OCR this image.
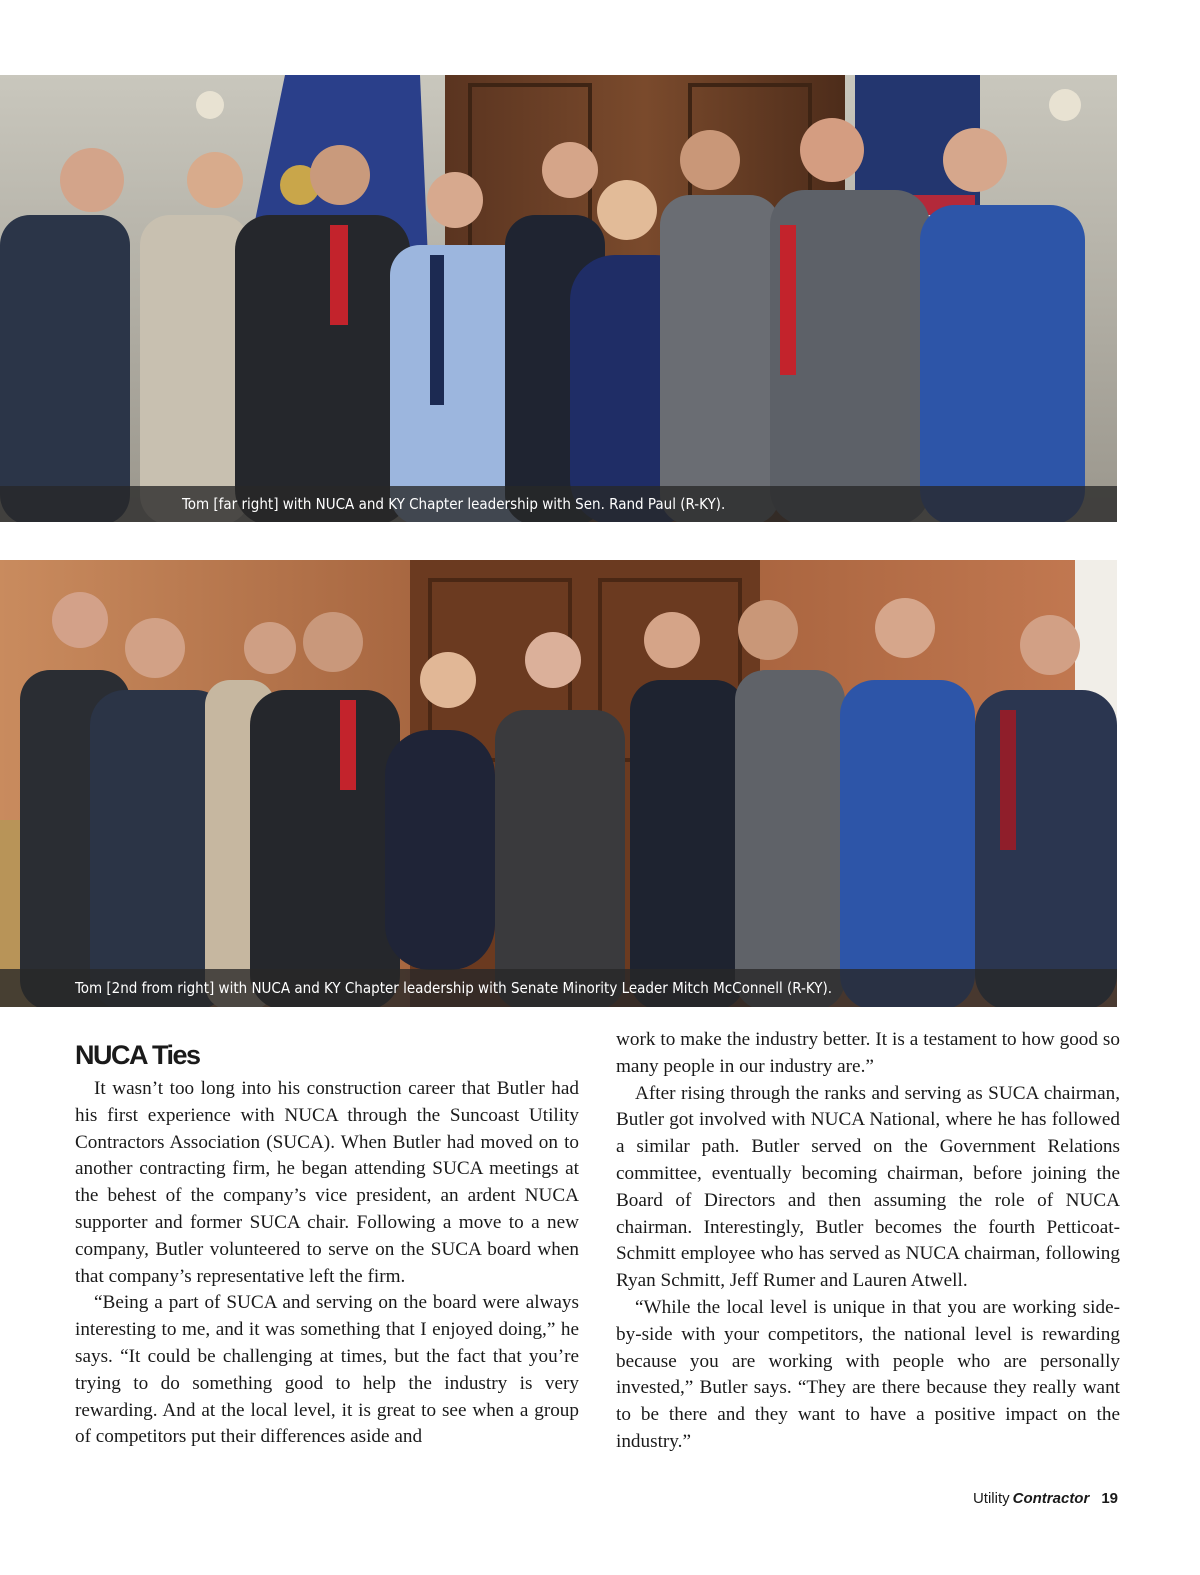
Tom [far right] with NUCA and KY Chapter leadership with Sen. Rand Paul (R-KY).
Tom [2nd from right] with NUCA and KY Chapter leadership with Senate Minority Leader Mitch McConnell (R-KY).
NUCA Ties

It wasn’t too long into his construction career that Butler had his first experience with NUCA through the Suncoast Utility Contractors Association (SUCA). When Butler had moved on to another contracting firm, he began attending SUCA meetings at the behest of the company’s vice president, an ardent NUCA supporter and former SUCA chair. Following a move to a new company, Butler volunteered to serve on the SUCA board when that company’s representative left the firm.

“Being a part of SUCA and serving on the board were always interesting to me, and it was something that I enjoyed doing,” he says. “It could be challenging at times, but the fact that you’re trying to do something good to help the industry is very rewarding. And at the local level, it is great to see when a group of competitors put their differences aside and

work to make the industry better. It is a testament to how good so many people in our industry are.”

After rising through the ranks and serving as SUCA chairman, Butler got involved with NUCA National, where he has followed a similar path. Butler served on the Government Relations committee, eventually becoming chairman, before joining the Board of Directors and then assuming the role of NUCA chairman. Interestingly, Butler becomes the fourth Petticoat-Schmitt employee who has served as NUCA chairman, following Ryan Schmitt, Jeff Rumer and Lauren Atwell.

“While the local level is unique in that you are working side-by-side with your competitors, the national level is rewarding because you are working with people who are personally invested,” Butler says. “They are there because they really want to be there and they want to have a positive impact on the industry.”

Utility Contractor 19
